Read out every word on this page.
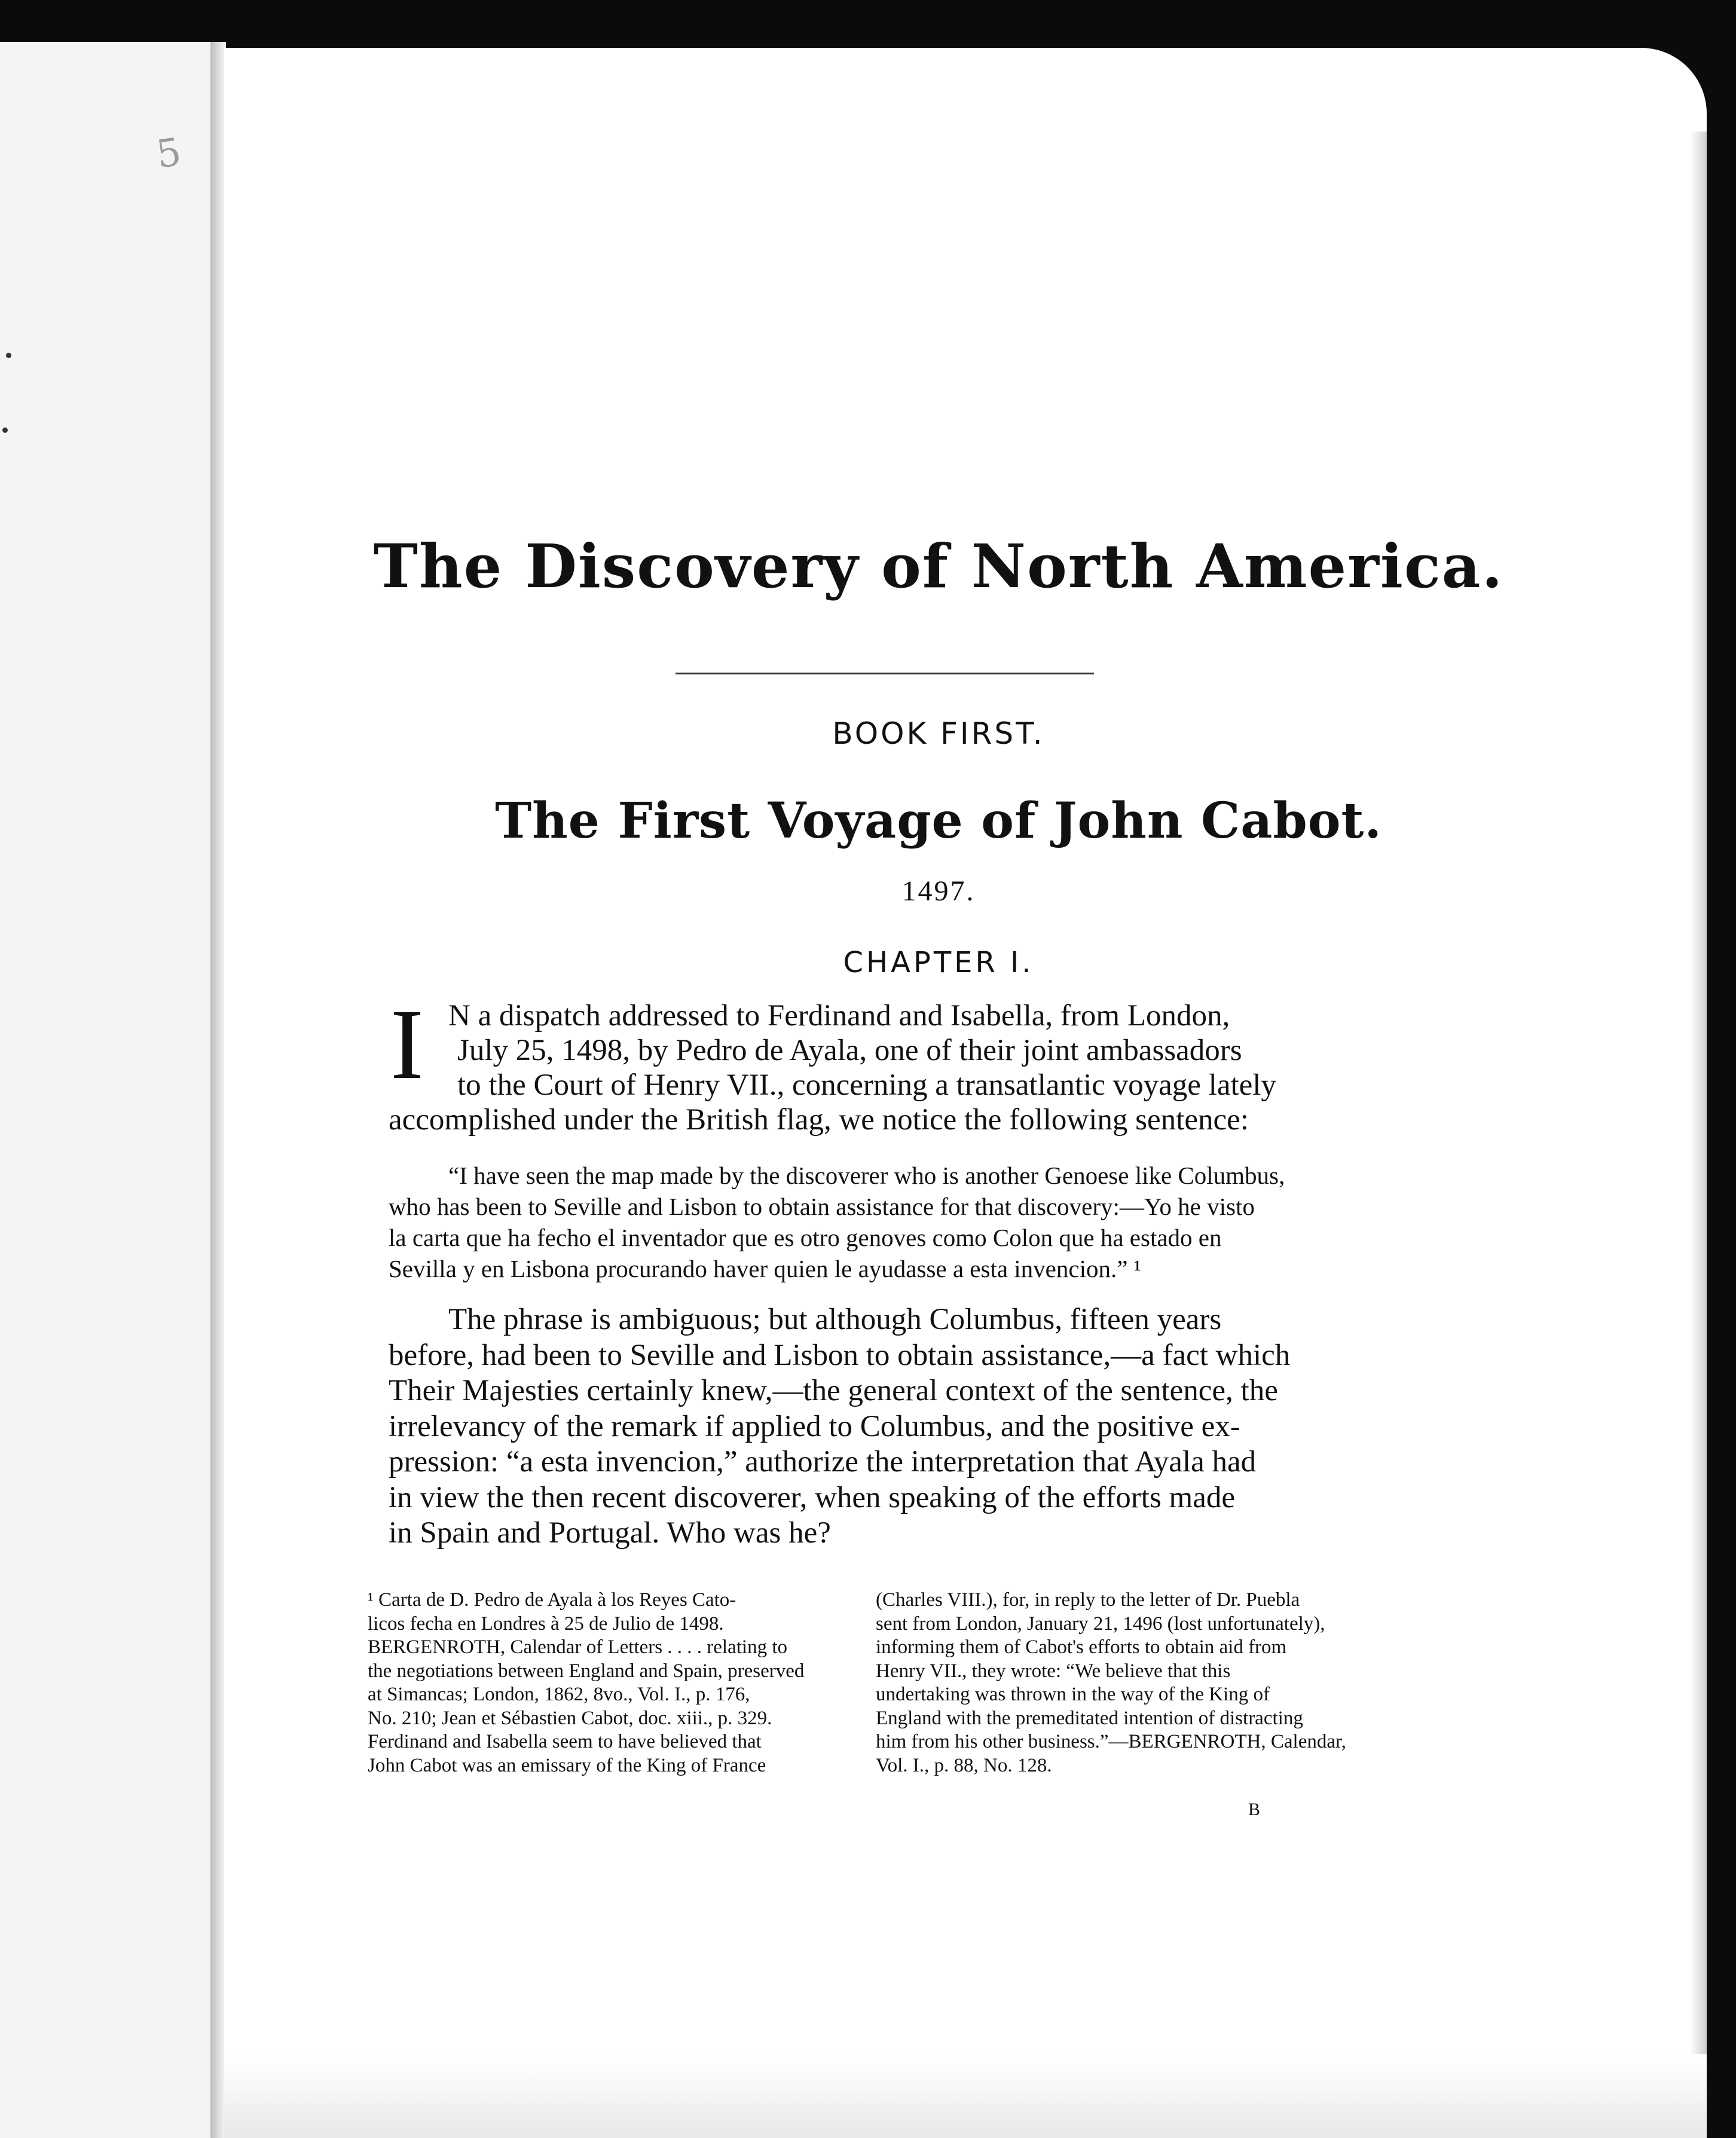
5
The Discovery of North America.
BOOK FIRST.
The First Voyage of John Cabot.
1497.
CHAPTER I.
I N a dispatch addressed to Ferdinand and Isabella, from London,
July 25, 1498, by Pedro de Ayala, one of their joint ambassadors
to the Court of Henry VII., concerning a transatlantic voyage lately
accomplished under the British flag, we notice the following sentence:
“I have seen the map made by the discoverer who is another Genoese like Columbus,
who has been to Seville and Lisbon to obtain assistance for that discovery:—Yo he visto
la carta que ha fecho el inventador que es otro genoves como Colon que ha estado en
Sevilla y en Lisbona procurando haver quien le ayudasse a esta invencion.” ¹
The phrase is ambiguous; but although Columbus, fifteen years
before, had been to Seville and Lisbon to obtain assistance,—a fact which
Their Majesties certainly knew,—the general context of the sentence, the
irrelevancy of the remark if applied to Columbus, and the positive ex-
pression: “a esta invencion,” authorize the interpretation that Ayala had
in view the then recent discoverer, when speaking of the efforts made
in Spain and Portugal. Who was he?
¹ Carta de D. Pedro de Ayala à los Reyes Cato-
licos fecha en Londres à 25 de Julio de 1498.
BERGENROTH, Calendar of Letters . . . . relating to
the negotiations between England and Spain, preserved
at Simancas; London, 1862, 8vo., Vol. I., p. 176,
No. 210; Jean et Sébastien Cabot, doc. xiii., p. 329.
Ferdinand and Isabella seem to have believed that
John Cabot was an emissary of the King of France
(Charles VIII.), for, in reply to the letter of Dr. Puebla
sent from London, January 21, 1496 (lost unfortunately),
informing them of Cabot's efforts to obtain aid from
Henry VII., they wrote: “We believe that this
undertaking was thrown in the way of the King of
England with the premeditated intention of distracting
him from his other business.”—BERGENROTH, Calendar,
Vol. I., p. 88, No. 128.
B
